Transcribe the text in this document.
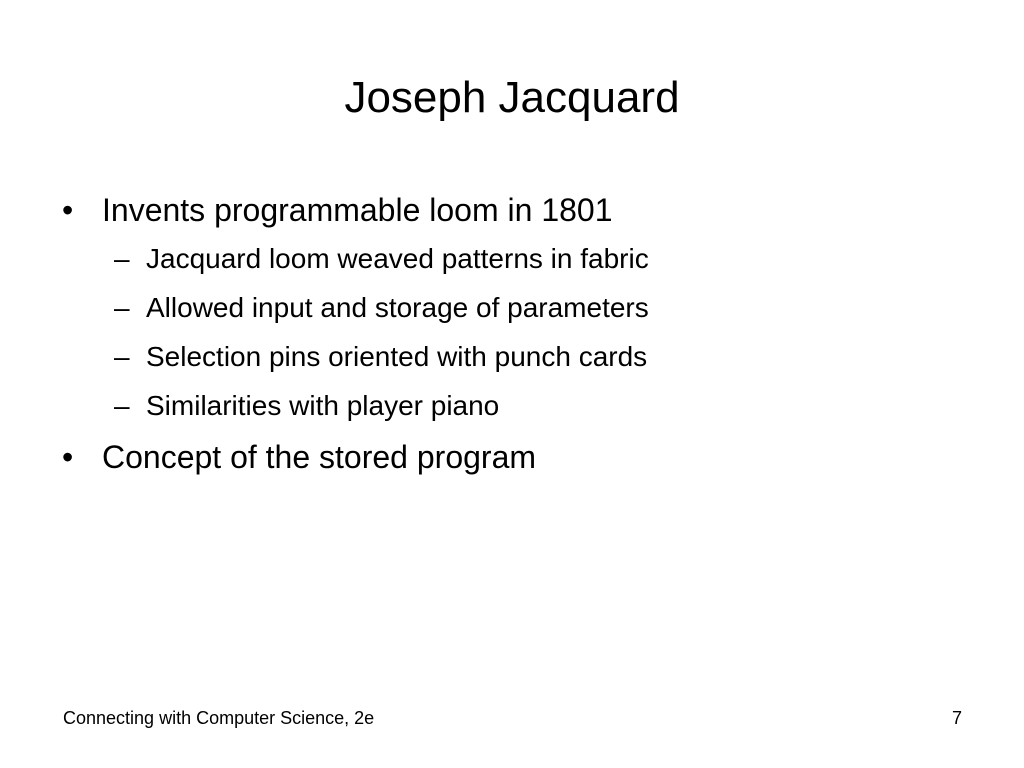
Joseph Jacquard
• Invents programmable loom in 1801
– Jacquard loom weaved patterns in fabric
– Allowed input and storage of parameters
– Selection pins oriented with punch cards
– Similarities with player piano
• Concept of the stored program
Connecting with Computer Science, 2e	7
